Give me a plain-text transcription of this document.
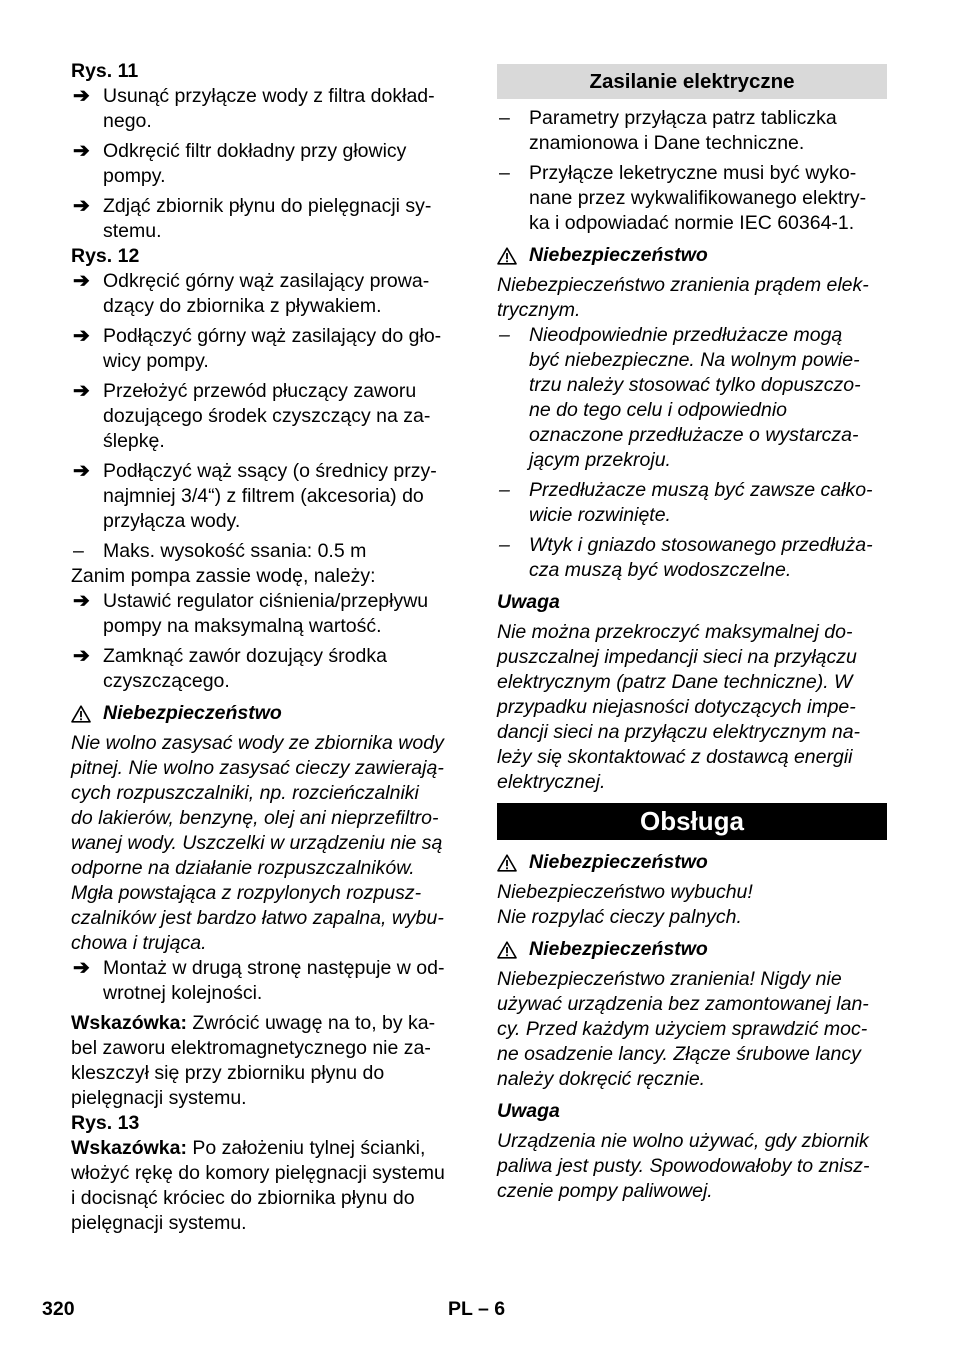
Rys. 11

➔ Usunąć przyłącze wody z filtra dokład-
nego.
➔ Odkręcić filtr dokładny przy głowicy
pompy.
➔ Zdjąć zbiornik płynu do pielęgnacji sy-
stemu.

Rys. 12

➔ Odkręcić górny wąż zasilający prowa-
dzący do zbiornika z pływakiem.
➔ Podłączyć górny wąż zasilający do gło-
wicy pompy.
➔ Przełożyć przewód płuczący zaworu
dozującego środek czyszczący na za-
ślepkę.
➔ Podłączyć wąż ssący (o średnicy przy-
najmniej 3/4“) z filtrem (akcesoria) do
przyłącza wody.
– Maks. wysokość ssania: 0.5 m

Zanim pompa zassie wodę, należy:

➔ Ustawić regulator ciśnienia/przepływu
pompy na maksymalną wartość.
➔ Zamknąć zawór dozujący środka
czyszczącego.
Niebezpieczeństwo
Nie wolno zasysać wody ze zbiornika wody
pitnej. Nie wolno zasysać cieczy zawierają-
cych rozpuszczalniki, np. rozcieńczalniki
do lakierów, benzynę, olej ani nieprzefiltro-
wanej wody. Uszczelki w urządzeniu nie są
odporne na działanie rozpuszczalników.
Mgła powstająca z rozpylonych rozpusz-
czalników jest bardzo łatwo zapalna, wybu-
chowa i trująca.
➔ Montaż w drugą stronę następuje w od-
wrotnej kolejności.
Wskazówka: Zwrócić uwagę na to, by ka-
bel zaworu elektromagnetycznego nie za-
kleszczył się przy zbiorniku płynu do
pielęgnacji systemu.

Rys. 13

Wskazówka: Po założeniu tylnej ścianki,
włożyć rękę do komory pielęgnacji systemu
i docisnąć króciec do zbiornika płynu do
pielęgnacji systemu.
Zasilanie elektryczne
– Parametry przyłącza patrz tabliczka
znamionowa i Dane techniczne.
– Przyłącze leketryczne musi być wyko-
nane przez wykwalifikowanego elektry-
ka i odpowiadać normie IEC 60364-1.
Niebezpieczeństwo
Niebezpieczeństwo zranienia prądem elek-
trycznym.
– Nieodpowiednie przedłużacze mogą
być niebezpieczne. Na wolnym powie-
trzu należy stosować tylko dopuszczo-
ne do tego celu i odpowiednio
oznaczone przedłużacze o wystarcza-
jącym przekroju.
– Przedłużacze muszą być zawsze całko-
wicie rozwinięte.
– Wtyk i gniazdo stosowanego przedłuża-
cza muszą być wodoszczelne.

Uwaga

Nie można przekroczyć maksymalnej do-
puszczalnej impedancji sieci na przyłączu
elektrycznym (patrz Dane techniczne). W
przypadku niejasności dotyczących impe-
dancji sieci na przyłączu elektrycznym na-
leży się skontaktować z dostawcą energii
elektrycznej.
Obsługa
Niebezpieczeństwo
Niebezpieczeństwo wybuchu!
Nie rozpylać cieczy palnych.
Niebezpieczeństwo
Niebezpieczeństwo zranienia! Nigdy nie
używać urządzenia bez zamontowanej lan-
cy. Przed każdym użyciem sprawdzić moc-
ne osadzenie lancy. Złącze śrubowe lancy
należy dokręcić ręcznie.

Uwaga

Urządzenia nie wolno używać, gdy zbiornik
paliwa jest pusty. Spowodowałoby to znisz-
czenie pompy paliwowej.
320	PL – 6
